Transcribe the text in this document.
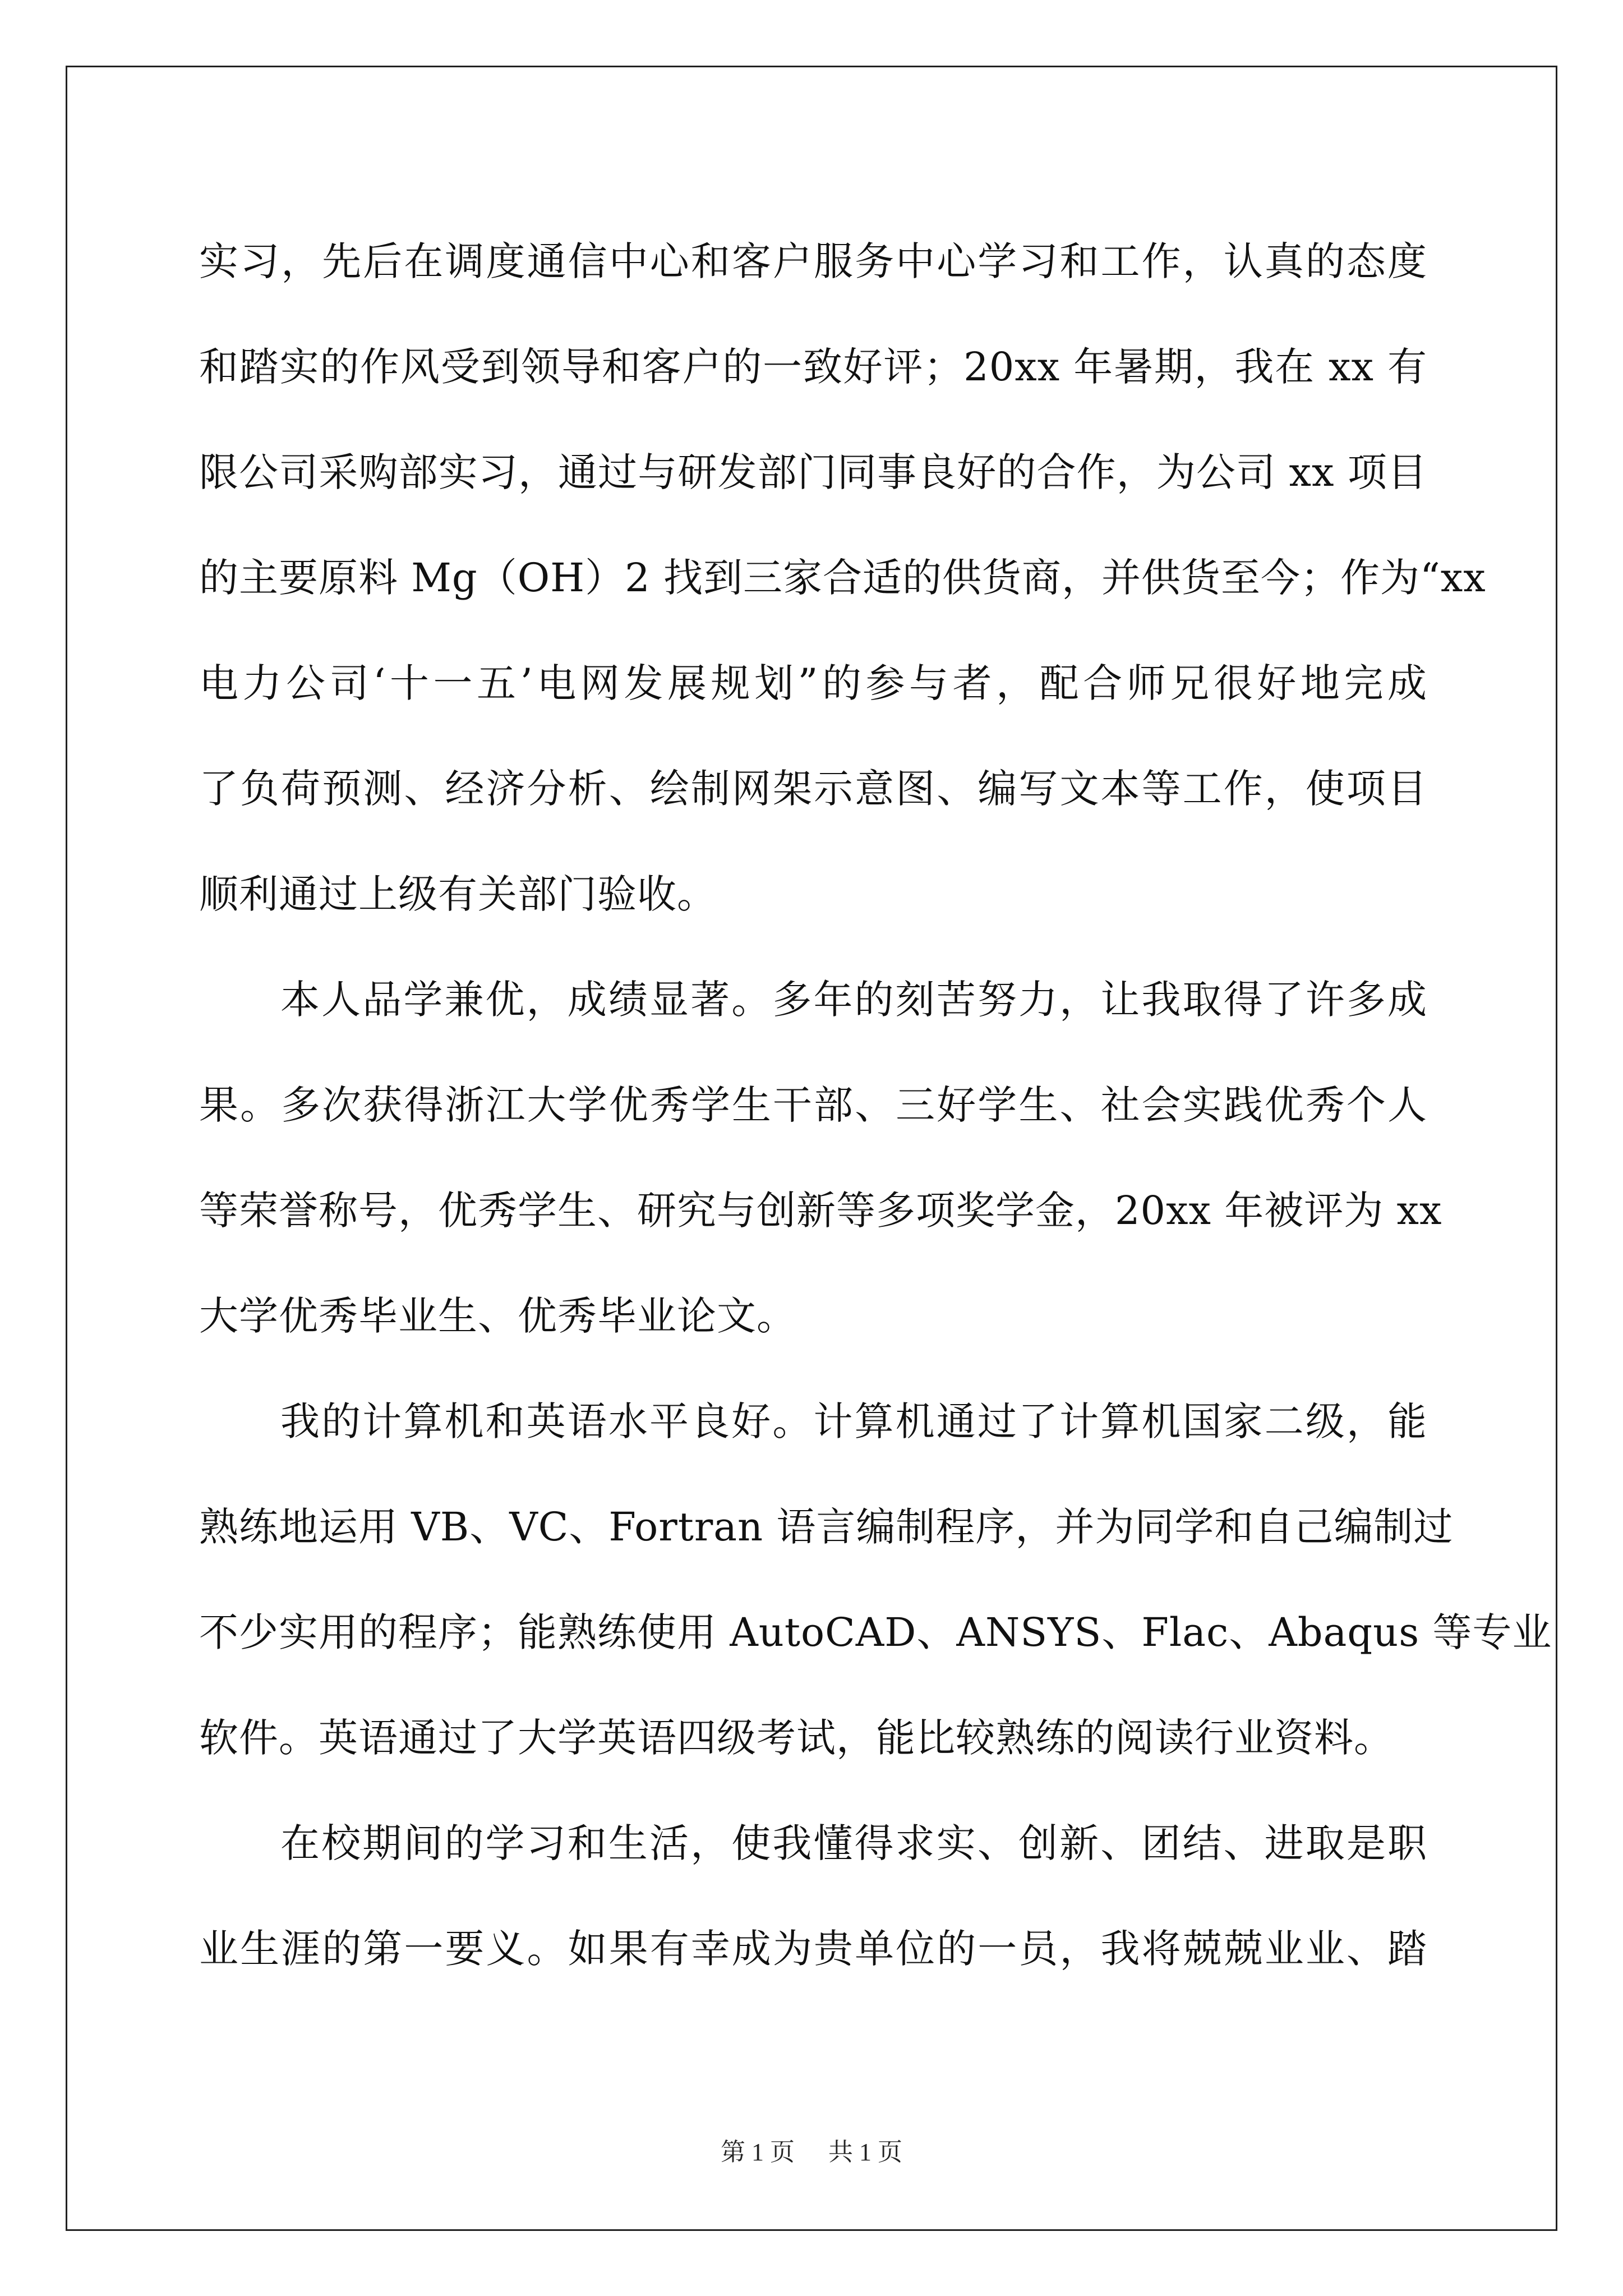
实习，先后在调度通信中心和客户服务中心学习和工作，认真的态度
和踏实的作风受到领导和客户的一致好评；20xx 年暑期，我在 xx 有
限公司采购部实习，通过与研发部门同事良好的合作，为公司 xx 项目
的主要原料 Mg（OH）2 找到三家合适的供货商，并供货至今；作为“xx
电力公司‘十一五’电网发展规划”的参与者，配合师兄很好地完成
了负荷预测、经济分析、绘制网架示意图、编写文本等工作，使项目
顺利通过上级有关部门验收。
本人品学兼优，成绩显著。多年的刻苦努力，让我取得了许多成
果。多次获得浙江大学优秀学生干部、三好学生、社会实践优秀个人
等荣誉称号，优秀学生、研究与创新等多项奖学金，20xx 年被评为 xx
大学优秀毕业生、优秀毕业论文。
我的计算机和英语水平良好。计算机通过了计算机国家二级，能
熟练地运用 VB、VC、Fortran 语言编制程序，并为同学和自己编制过
不少实用的程序；能熟练使用 AutoCAD、ANSYS、Flac、Abaqus 等专业
软件。英语通过了大学英语四级考试，能比较熟练的阅读行业资料。
在校期间的学习和生活，使我懂得求实、创新、团结、进取是职
业生涯的第一要义。如果有幸成为贵单位的一员，我将兢兢业业、踏
第 1 页 共 1 页
